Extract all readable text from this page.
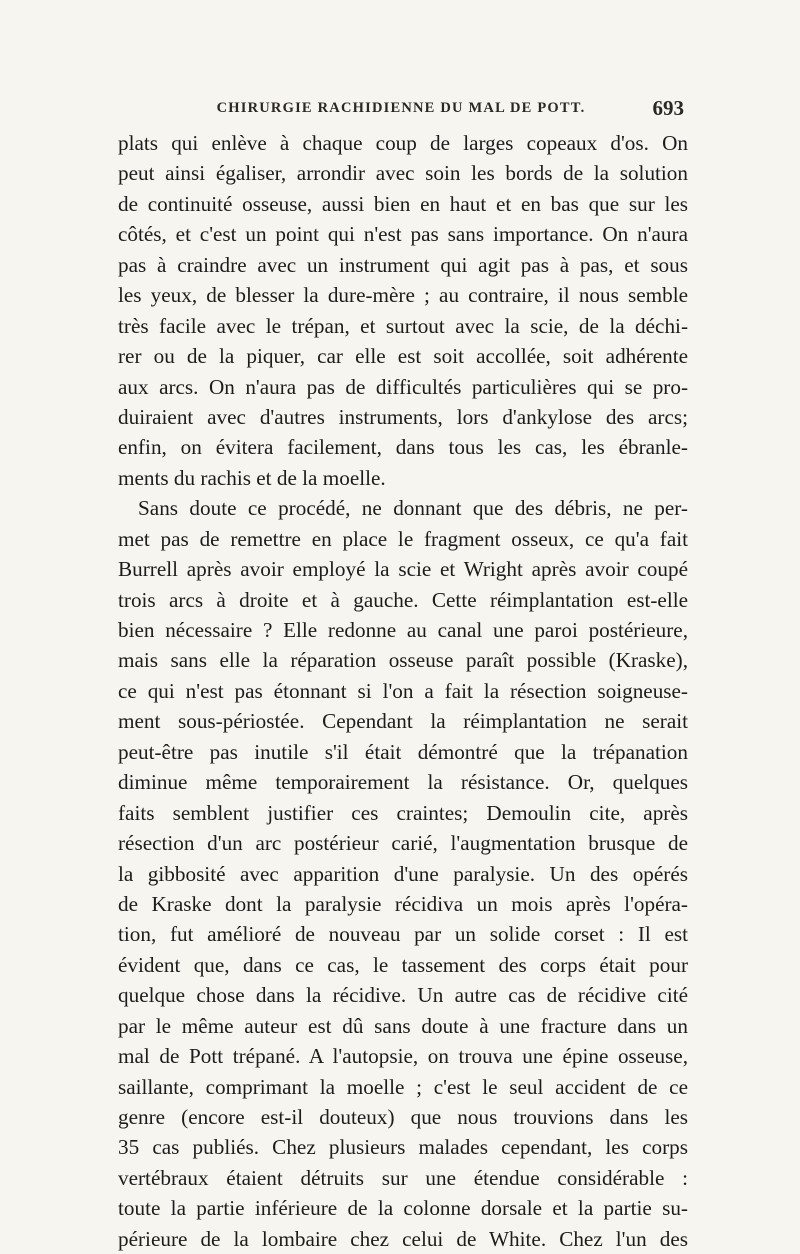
CHIRURGIE RACHIDIENNE DU MAL DE POTT.	693
plats qui enlève à chaque coup de larges copeaux d'os. On
peut ainsi égaliser, arrondir avec soin les bords de la solution
de continuité osseuse, aussi bien en haut et en bas que sur les
côtés, et c'est un point qui n'est pas sans importance. On n'aura
pas à craindre avec un instrument qui agit pas à pas, et sous
les yeux, de blesser la dure-mère ; au contraire, il nous semble
très facile avec le trépan, et surtout avec la scie, de la déchi-
rer ou de la piquer, car elle est soit accollée, soit adhérente
aux arcs. On n'aura pas de difficultés particulières qui se pro-
duiraient avec d'autres instruments, lors d'ankylose des arcs;
enfin, on évitera facilement, dans tous les cas, les ébranle-
ments du rachis et de la moelle.
Sans doute ce procédé, ne donnant que des débris, ne per-
met pas de remettre en place le fragment osseux, ce qu'a fait
Burrell après avoir employé la scie et Wright après avoir coupé
trois arcs à droite et à gauche. Cette réimplantation est-elle
bien nécessaire ? Elle redonne au canal une paroi postérieure,
mais sans elle la réparation osseuse paraît possible (Kraske),
ce qui n'est pas étonnant si l'on a fait la résection soigneuse-
ment sous-périostée. Cependant la réimplantation ne serait
peut-être pas inutile s'il était démontré que la trépanation
diminue même temporairement la résistance. Or, quelques
faits semblent justifier ces craintes; Demoulin cite, après
résection d'un arc postérieur carié, l'augmentation brusque de
la gibbosité avec apparition d'une paralysie. Un des opérés
de Kraske dont la paralysie récidiva un mois après l'opéra-
tion, fut amélioré de nouveau par un solide corset : Il est
évident que, dans ce cas, le tassement des corps était pour
quelque chose dans la récidive. Un autre cas de récidive cité
par le même auteur est dû sans doute à une fracture dans un
mal de Pott trépané. A l'autopsie, on trouva une épine osseuse,
saillante, comprimant la moelle ; c'est le seul accident de ce
genre (encore est-il douteux) que nous trouvions dans les
35 cas publiés. Chez plusieurs malades cependant, les corps
vertébraux étaient détruits sur une étendue considérable :
toute la partie inférieure de la colonne dorsale et la partie su-
périeure de la lombaire chez celui de White. Chez l'un des
